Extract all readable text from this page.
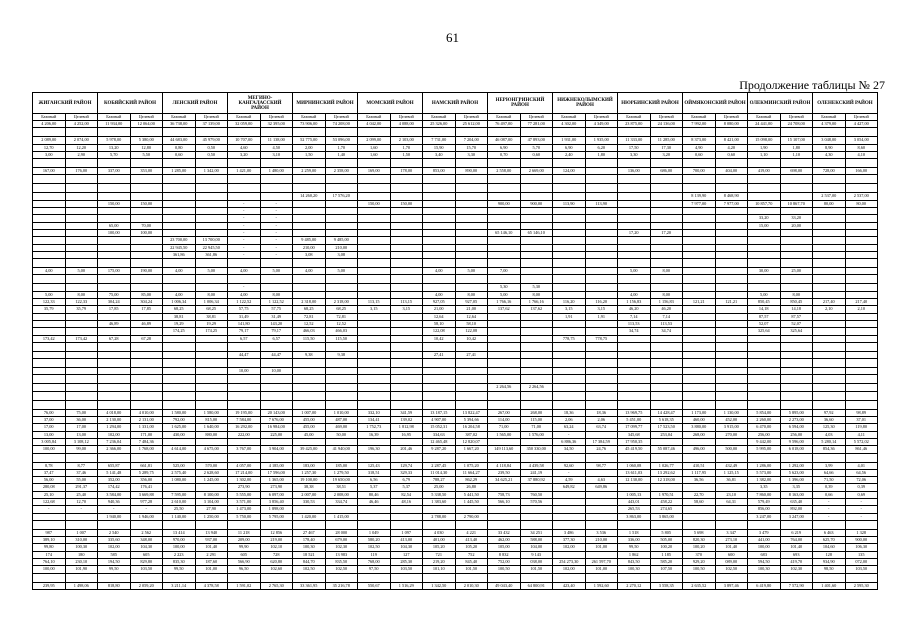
61
Продолжение таблицы № 27
ЖИГАНСКИЙ РАЙОН		КОБЯЙСКИЙ РАЙОН		ЛЕНСКИЙ РАЙОН		МЕГИНО-КАНГАЛАССКИЙ РАЙОН		МИРНИНСКИЙ РАЙОН		МОМСКИЙ РАЙОН		НАМСКИЙ РАЙОН		НЕРЮНГРИНСКИЙ РАЙОН		НИЖНЕКОЛЫМСКИЙ РАЙОН		НЮРБИНСКИЙ РАЙОН		ОЙМЯКОНСКИЙ РАЙОН		ОЛЕКМИНСКИЙ РАЙОН		ОЛЕНЕКСКИЙ РАЙОН	
Базовый	Целевой	Базовый	Целевой	Базовый	Целевой	Базовый	Целевой	Базовый	Целевой	Базовый	Целевой	Базовый	Целевой	Базовый	Целевой	Базовый	Целевой	Базовый	Целевой	Базовый	Целевой	Базовый	Целевой	Базовый	Целевой
4 206,00	4 252,00	11 934,00	12 064,00	36 738,00	37 139,00	32 059,00	32 395,00	73 906,00	74 208,00	4 042,00	4 088,00	25 326,00	25 612,00	76 497,00	77 281,00	4 302,00	4 349,00	23 875,00	24 136,00	7 992,00	8 080,00	24 441,00	24 708,00	4 379,00	4 427,00

2 089,00	2 074,00	5 978,00	5 380,00	44 683,00	45 979,00	10 707,00	11 138,00	52 775,00	53 096,00	2 099,00	2 103,00	7 731,00	7 204,00	46 087,00	47 893,00	1 931,00	1 935,00	11 333,00	11 285,00	8 373,00	8 421,00	15 098,00	15 107,00	3 048,00	3 054,00
12,70	12,20	13,20	12,80	0,80	0,50	4,60	4,50	2,00	1,70	1,60	1,70	15,90	15,70	6,90	5,70	6,90	6,20	17,50	17,30	4,90	4,20	1,90	1,80	8,90	8,60
3,00	2,90	5,70	5,50	0,60	0,50	3,20	3,10	1,50	1,40	1,60	1,50	3,40	3,30	0,70	0,60	2,40	1,80	3,30	3,20	0,60	0,60	1,10	1,10	4,30	4,10

167,00	176,00	337,00	353,00	1 285,00	1 342,00	1 421,00	1 480,00	2 259,00	2 358,00	169,00	178,00	853,00	890,00	2 558,00	2 669,00	124,00		136,00	686,00	700,00	404,00	419,00	698,00	728,00	166,00

								14 260,20	17 576,20											8 139,90	8 468,90			2 537,00	2 537,00
		150,00	150,00			-	-			150,00	150,00			900,00	900,00	113,90	113,90			7 977,00	7 977,00	10 857,70	10 867,70	80,00	80,00
						-	-																		
						-	-															33,20	33,20		
		65,00	70,00			-	-															15,00	20,00		
		100,00	100,00			-	-							65 146,10	65 146,10			17,20	17,20						
				23 700,00	13 700,00	-	-	9 485,00	9 485,00																
				22 945,50	22 945,50	-	-	210,00	210,00																
				361,86	361,86	-	-	3,08	3,08																

4,00	5,00	175,00	190,00	4,00	5,00	4,00	5,00	4,00	5,00			4,00	5,00	7,00				5,00	8,00			30,00	25,00		

						-								5,30	5,30										
5,00	8,00	75,00	85,00	4,00	8,00	4,00	8,00					4,00	8,00	5,00	8,00			4,00	8,00			5,00	8,00		
122,33	122,33	304,24	304,24	1 006,34	1 006,34	1 122,52	1 122,52	2 318,00	2 318,00	113,15	113,15	927,05	927,05	1 766,16	1 766,16	116,20	116,20	1 156,83	1 156,83	121,21	121,21	850,45	850,45	217,40	217,40
35,79	35,79	17,85	17,85	68,25	68,25	57,75	57,75	68,25	68,25	3,15	3,15	21,00	21,00	137,62	137,62	3,15	3,15	46,20	46,20			14,18	14,18	2,10	2,10
				38,81	38,81	31,49	31,49	72,81	72,81			12,64	12,64			1,91	1,91	7,14	7,14			87,57	87,57		
		46,89	46,89	19,29	19,29	141,80	143,20	12,52	12,52			58,10	58,10					113,53	113,53			52,07	52,07		
				174,25	174,25	79,17	79,17	466,03	466,03			122,08	122,08					34,74	34,74			325,64	325,64		
173,42	173,42	67,28	67,28			6,57	6,57	115,50	115,50			10,42	10,42			778,75	778,75								

						44,47	44,47	9,38	9,38			27,41	27,41												

						10,00	10,00																		

														2 264,56	2 264,56										

76,00	75,00	4 018,00	4 010,00	1 580,00	1 580,00	19 195,00	20 143,00	1 007,00	1 010,00	332,10	341,59	13 187,15	13 822,47	267,00	268,00	18,36	18,36	13 969,75	14 428,47	1 173,00	1 130,00	5 854,00	5 895,00	97,92	98,89
37,00	36,00	2 130,00	2 131,00	792,00	815,00	7 584,00	7 676,00	455,00	487,00	134,41	139,02	4 907,00	5 394,66	114,00	115,00	2,06	2,06	5 451,00	5 618,35	460,00	452,00	2 260,00	2 273,00	36,60	37,01
17,00	17,00	1 294,00	1 331,00	1 625,00	1 640,00	16 292,00	16 984,00	455,00	469,00	1 752,73	1 812,98	15 052,31	16 204,58	71,00	71,00	63,24	63,74	17 099,77	17 523,50	3 880,00	3 915,00	6 470,00	6 594,00	125,30	119,80
13,00	13,00	102,00	171,00	430,00	880,00	222,00	225,00	45,00	50,00	16,39	16,95	334,63	387,02	1 565,00	1 576,00	-		345,68	253,04	268,00	270,00	256,00	256,00	4,03	4,11
3 005,84	3 108,12	7 236,04	7 484,36									12 465,48	12 820,07			6 886,36	17 384,59	17 950,35				9 442,00	9 596,00	5 280,14	5 572,02
100,00	99,00	2 366,00	1 768,00	4 614,00	4 675,00	3 767,00	3 904,00	39 425,00	41 940,00	196,30	201,46	9 287,20	1 667,20	149 113,60	350 330,00	34,50	24,76	45 419,50	55 087,46	496,00	500,00	5 995,00	6 018,00	854,36	861,46

8,78	8,77	655,87	661,81	525,00	570,00	4 057,00	4 185,00	183,00	185,00	125,43	129,74	2 287,45	1 075,20	4 118,84	4 439,58	92,60	98,77	1 060,08	1 026,77	410,51	432,49	1 286,00	1 292,00	3,99	4,01
37,47	37,46	5 141,48	5 289,75	2 575,40	2 628,60	17 214,00	17 596,00	1 257,30	1 279,50	318,51	329,33	11 014,30	11 664,27	239,50	241,19	-		13 611,03	13 292,62	1 117,95	1 125,15	5 573,00	5 623,00	64,66	64,56
56,00	55,00	352,00	356,00	1 080,00	1 245,00	1 302,00	1 365,00	19 100,00	19 650,00	6,56	6,79	788,27	862,29	34 625,21	37 880,92	4,59	4,63	12 130,00	12 318,00	36,56	36,81	1 382,00	1 396,00	71,50	72,06
280,08	291,37	174,42	176,41			273,90	273,90	38,38	38,51	5,37	5,37	25,00	26,80			649,82	649,86					3,35	3,35	0,39	0,39
25,10	25,40	3 584,00	3 669,88	7 595,00	8 100,00	5 555,00	6 097,00	2 007,00	2 008,00	80,46	82,54	5 338,50	5 441,50	758,73	760,50			1 005,13	1 970,51	22,70	23,10	7 860,00	8 163,00	0,66	0,69
122,68	12,70	940,36	977,28	2 610,00	3 104,00	3 571,00	3 856,40	330,53	334,74	46,46	48,16	1 383,60	1 445,50	566,10	570,56			443,01	458,22	58,60	64,31	579,49	635,40	-	-
-	-	-	-	25,50	27,90	1 473,00	1 898,00											265,53	274,65			856,00	892,00	-	-
		1 940,00	1 946,00	1 140,00	1 250,00	5 750,00	5 795,00	1 420,00	1 415,00			2 788,00	2 790,00					3 863,00	3 865,00			3 247,00	3 247,00	-	-

987	1 007	2 540	2 562	13 414	13 940	11 218	12 856	27 467	28 000	1 049	1 097	4 030	4 221	33 432	34 251	3 486	3 536	1 518	5 805	5 698	3 347	3 479	6 219	6 463	1 328
389,10	310,00	335,60	348,00	970,00	937,00	209,00	219,00	178,40	679,00	580,20	413,00	401,00	413,40	462,00	588,00	377,30	210,00	336,00	505,00	820,30	273,10	441,00	764,00	625,70	900,00
99,80	100,30	102,00	104,30	100,00	101,40	99,90	102,10	100,30	102,30	102,50	104,30	105,20	105,20	105,00	104,00	102,00	101,00	99,50	100,20	100,20	101,40	100,00	101,40	104,60	106,30
174	180	585	605	2 223	2 291	605	728	18 521	13 983	119	127	721	752	8 832	9 143			1 862	1 185	370	600	683	693	128	135
764,10	230,10	194,50	829,80	835,30	187,60	566,90	620,80	844,70	835,50	768,00	285,30	219,20	845,40	752,00	038,00	254 273,30	261 597,70	843,50	585,20	929,20	089,00	594,50	419,70	934,90	072,00
100,00	101,90	99,50	103,50	99,50	101,00	96,50	102,60	102,50	102,50	97,50	103,50	101,10	101,50	100,50	101,50	102,00	101,00	100,30	107,50	100,50	102,50	100,30	102,30	98,50	103,50

239,95	1 498,06	818,80	2 059,20	3 211,14	4 378,58	1 591,02	2 765,30	33 361,95	35 216,78	550,67	1 516,29	1 342,50	2 010,30	49 043,40	64 800,91	423,40	1 592,60	2 270,12	3 558,35	2 635,52	3 897,46	6 419,80	7 572,90	1 401,60	2 595,30
